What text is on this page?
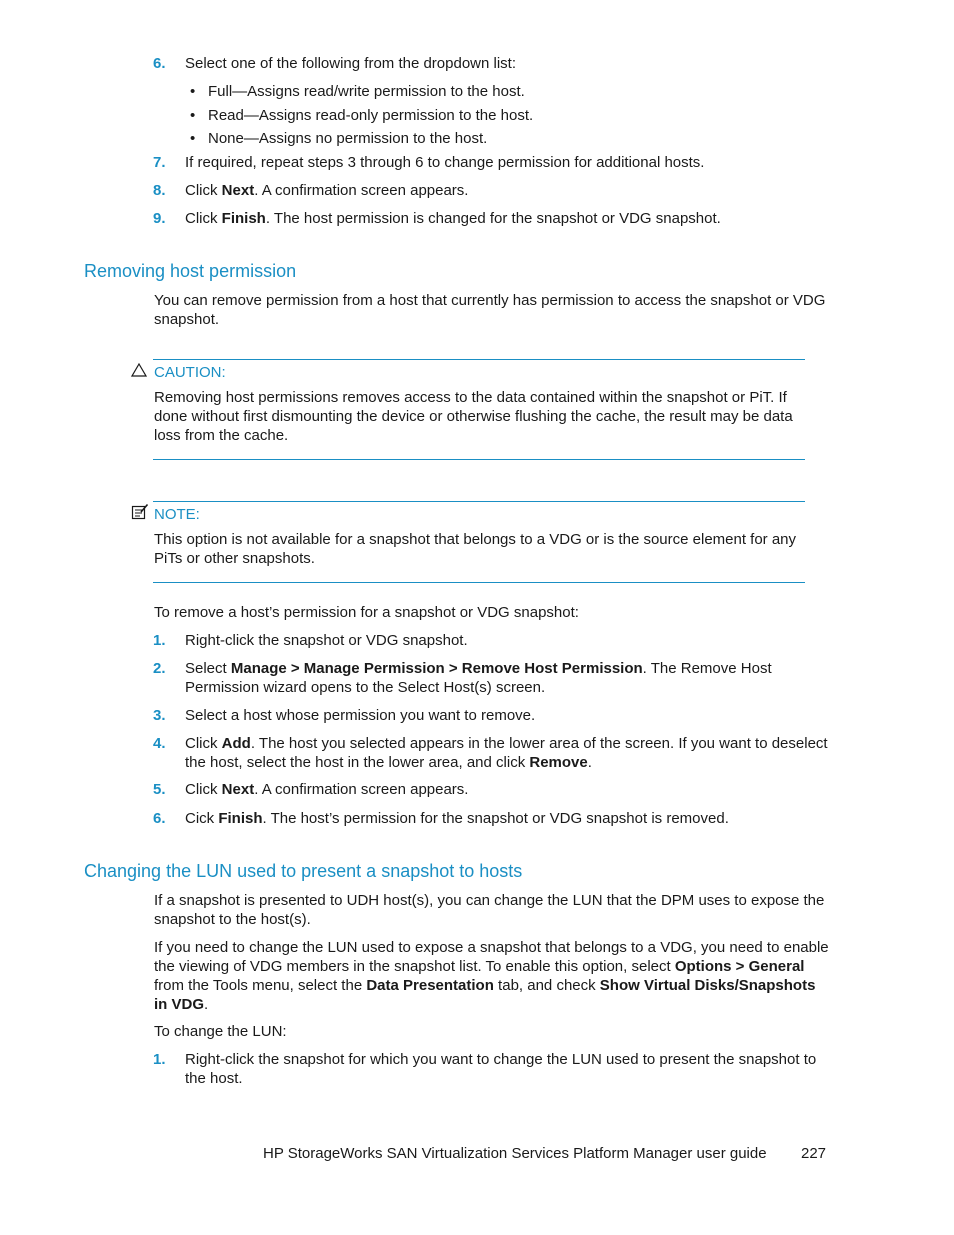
6. Select one of the following from the dropdown list:
• Full—Assigns read/write permission to the host.
• Read—Assigns read-only permission to the host.
• None—Assigns no permission to the host.
7. If required, repeat steps 3 through 6 to change permission for additional hosts.
8. Click Next. A confirmation screen appears.
9. Click Finish. The host permission is changed for the snapshot or VDG snapshot.
Removing host permission
You can remove permission from a host that currently has permission to access the snapshot or VDG snapshot.
CAUTION:
Removing host permissions removes access to the data contained within the snapshot or PiT. If done without first dismounting the device or otherwise flushing the cache, the result may be data loss from the cache.
NOTE:
This option is not available for a snapshot that belongs to a VDG or is the source element for any PiTs or other snapshots.
To remove a host’s permission for a snapshot or VDG snapshot:
1. Right-click the snapshot or VDG snapshot.
2. Select Manage > Manage Permission > Remove Host Permission. The Remove Host Permission wizard opens to the Select Host(s) screen.
3. Select a host whose permission you want to remove.
4. Click Add. The host you selected appears in the lower area of the screen. If you want to deselect the host, select the host in the lower area, and click Remove.
5. Click Next. A confirmation screen appears.
6. Cick Finish. The host’s permission for the snapshot or VDG snapshot is removed.
Changing the LUN used to present a snapshot to hosts
If a snapshot is presented to UDH host(s), you can change the LUN that the DPM uses to expose the snapshot to the host(s).
If you need to change the LUN used to expose a snapshot that belongs to a VDG, you need to enable the viewing of VDG members in the snapshot list. To enable this option, select Options > General from the Tools menu, select the Data Presentation tab, and check Show Virtual Disks/Snapshots in VDG.
To change the LUN:
1. Right-click the snapshot for which you want to change the LUN used to present the snapshot to the host.
HP StorageWorks SAN Virtualization Services Platform Manager user guide 227
